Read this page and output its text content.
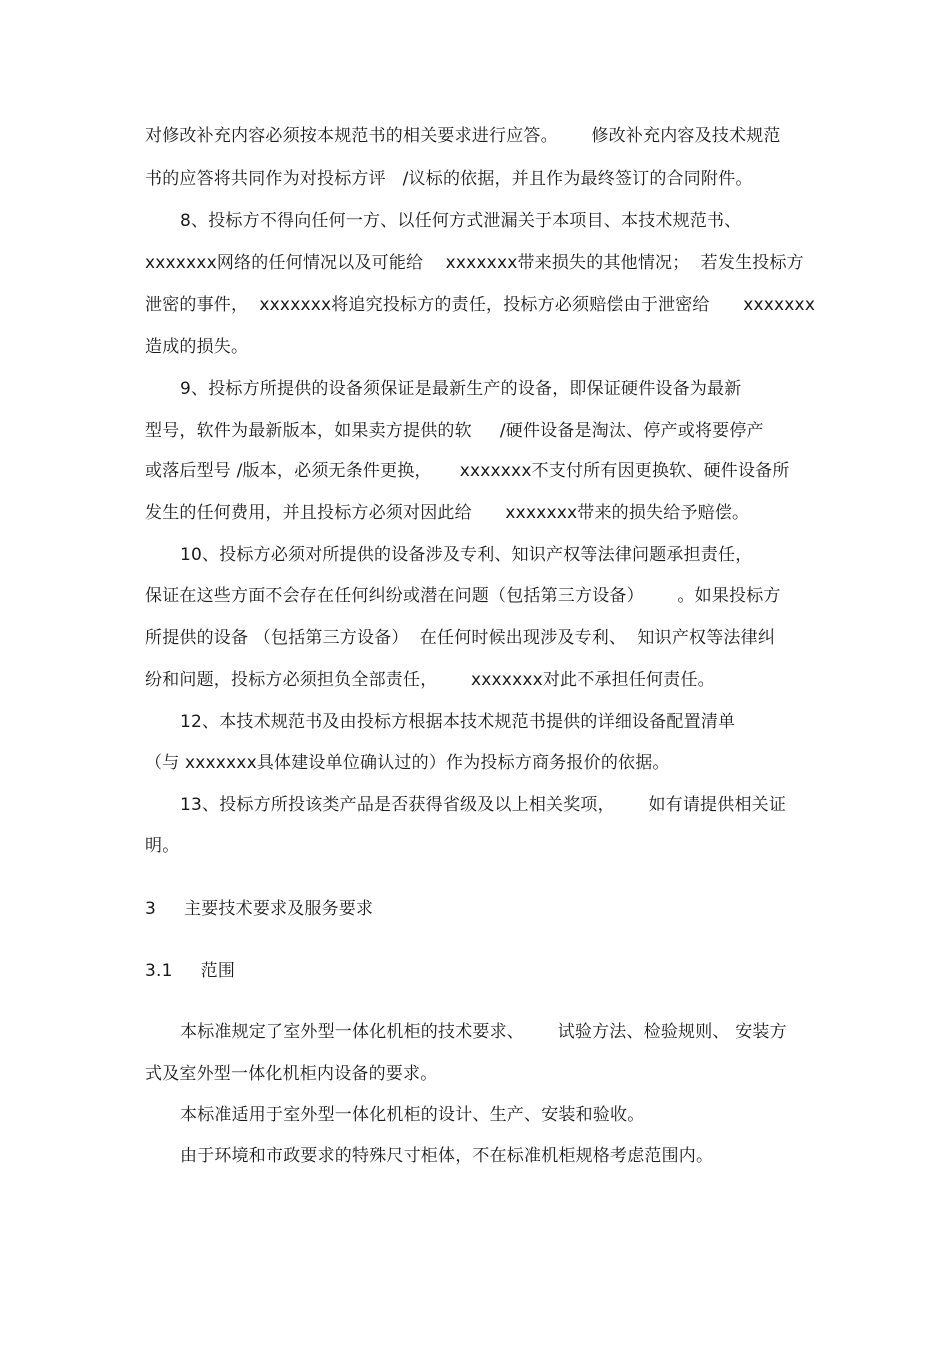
对修改补充内容必须按本规范书的相关要求进行应答。      修改补充内容及技术规范
书的应答将共同作为对投标方评   /议标的依据，并且作为最终签订的合同附件。
8、投标方不得向任何一方、以任何方式泄漏关于本项目、本技术规范书、
xxxxxxx网络的任何情况以及可能给    xxxxxxx带来损失的其他情况；  若发生投标方
泄密的事件，  xxxxxxx将追究投标方的责任，投标方必须赔偿由于泄密给      xxxxxxx
造成的损失。
9、投标方所提供的设备须保证是最新生产的设备，即保证硬件设备为最新
型号，软件为最新版本，如果卖方提供的软     /硬件设备是淘汰、停产或将要停产
或落后型号 /版本，必须无条件更换，     xxxxxxx不支付所有因更换软、硬件设备所
发生的任何费用，并且投标方必须对因此给      xxxxxxx带来的损失给予赔偿。
10、投标方必须对所提供的设备涉及专利、知识产权等法律问题承担责任，
保证在这些方面不会存在任何纠纷或潜在问题（包括第三方设备）      。如果投标方
所提供的设备 （包括第三方设备）  在任何时候出现涉及专利、  知识产权等法律纠
纷和问题，投标方必须担负全部责任，      xxxxxxx对此不承担任何责任。
12、本技术规范书及由投标方根据本技术规范书提供的详细设备配置清单
（与 xxxxxxx具体建设单位确认过的）作为投标方商务报价的依据。
13、投标方所投该类产品是否获得省级及以上相关奖项，      如有请提供相关证
明。
3     主要技术要求及服务要求
3.1     范围
本标准规定了室外型一体化机柜的技术要求、      试验方法、检验规则、 安装方
式及室外型一体化机柜内设备的要求。
本标准适用于室外型一体化机柜的设计、生产、安装和验收。
由于环境和市政要求的特殊尺寸柜体，不在标准机柜规格考虑范围内。
